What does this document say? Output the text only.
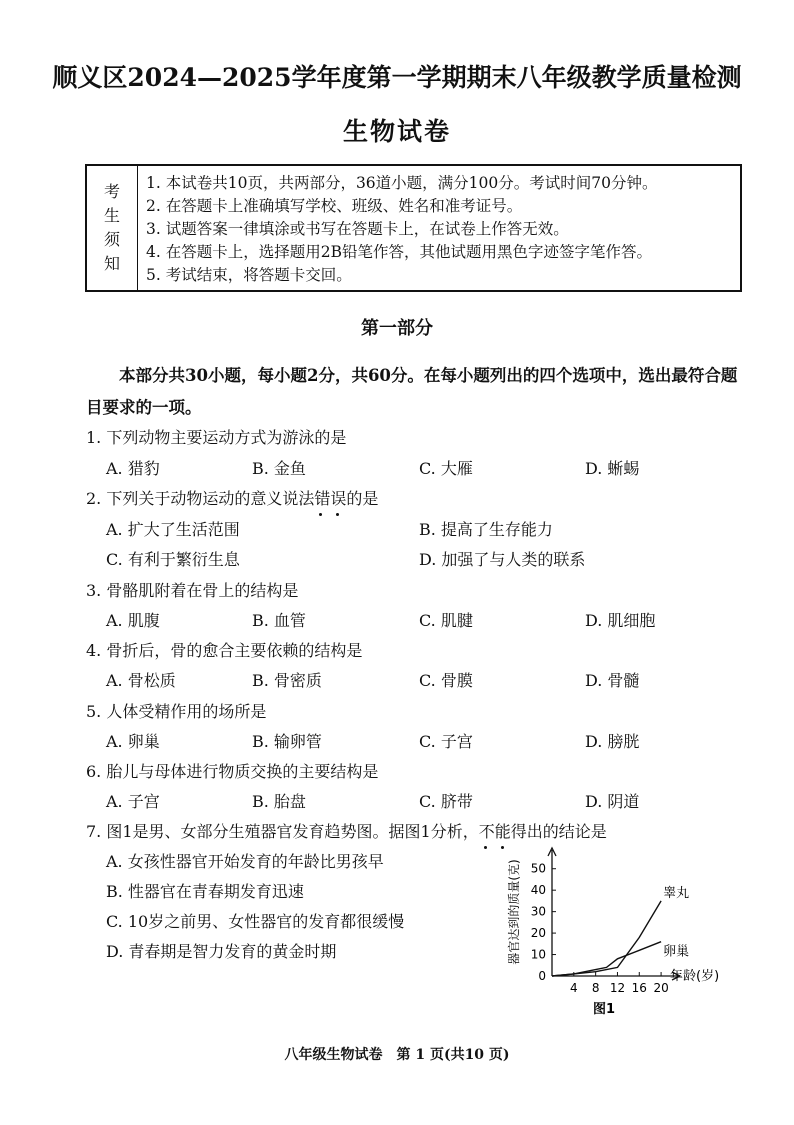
顺义区2024—2025学年度第一学期期末八年级教学质量检测
生物试卷
考
生
须
知
1. 本试卷共10页，共两部分，36道小题，满分100分。考试时间70分钟。
2. 在答题卡上准确填写学校、班级、姓名和准考证号。
3. 试题答案一律填涂或书写在答题卡上，在试卷上作答无效。
4. 在答题卡上，选择题用2B铅笔作答，其他试题用黑色字迹签字笔作答。
5. 考试结束，将答题卡交回。
第一部分
本部分共30小题，每小题2分，共60分。在每小题列出的四个选项中，选出最符合题目要求的一项。
1. 下列动物主要运动方式为游泳的是
A. 猎豹	B. 金鱼	C. 大雁	D. 蜥蜴
2. 下列关于动物运动的意义说法错误
的是
A. 扩大了生活范围	B. 提高了生存能力
C. 有利于繁衍生息	D. 加强了与人类的联系
3. 骨骼肌附着在骨上的结构是
A. 肌腹	B. 血管	C. 肌腱	D. 肌细胞
4. 骨折后，骨的愈合主要依赖的结构是
A. 骨松质	B. 骨密质	C. 骨膜	D. 骨髓
5. 人体受精作用的场所是
A. 卵巢	B. 输卵管	C. 子宫	D. 膀胱
6. 胎儿与母体进行物质交换的主要结构是
A. 子宫	B. 胎盘	C. 脐带	D. 阴道
7. 图1是男、女部分生殖器官发育趋势图。据图1分析，不能
得出的结论是
A. 女孩性器官开始发育的年龄比男孩早
B. 性器官在青春期发育迅速
C. 10岁之前男、女性器官的发育都很缓慢
D. 青春期是智力发育的黄金时期
0
10
20
30
40
50
4 8 12 16 20
睾丸
卵巢
器官达到的质量(克)
年龄(岁)
图1
八年级生物试卷　第 1 页(共10 页)
